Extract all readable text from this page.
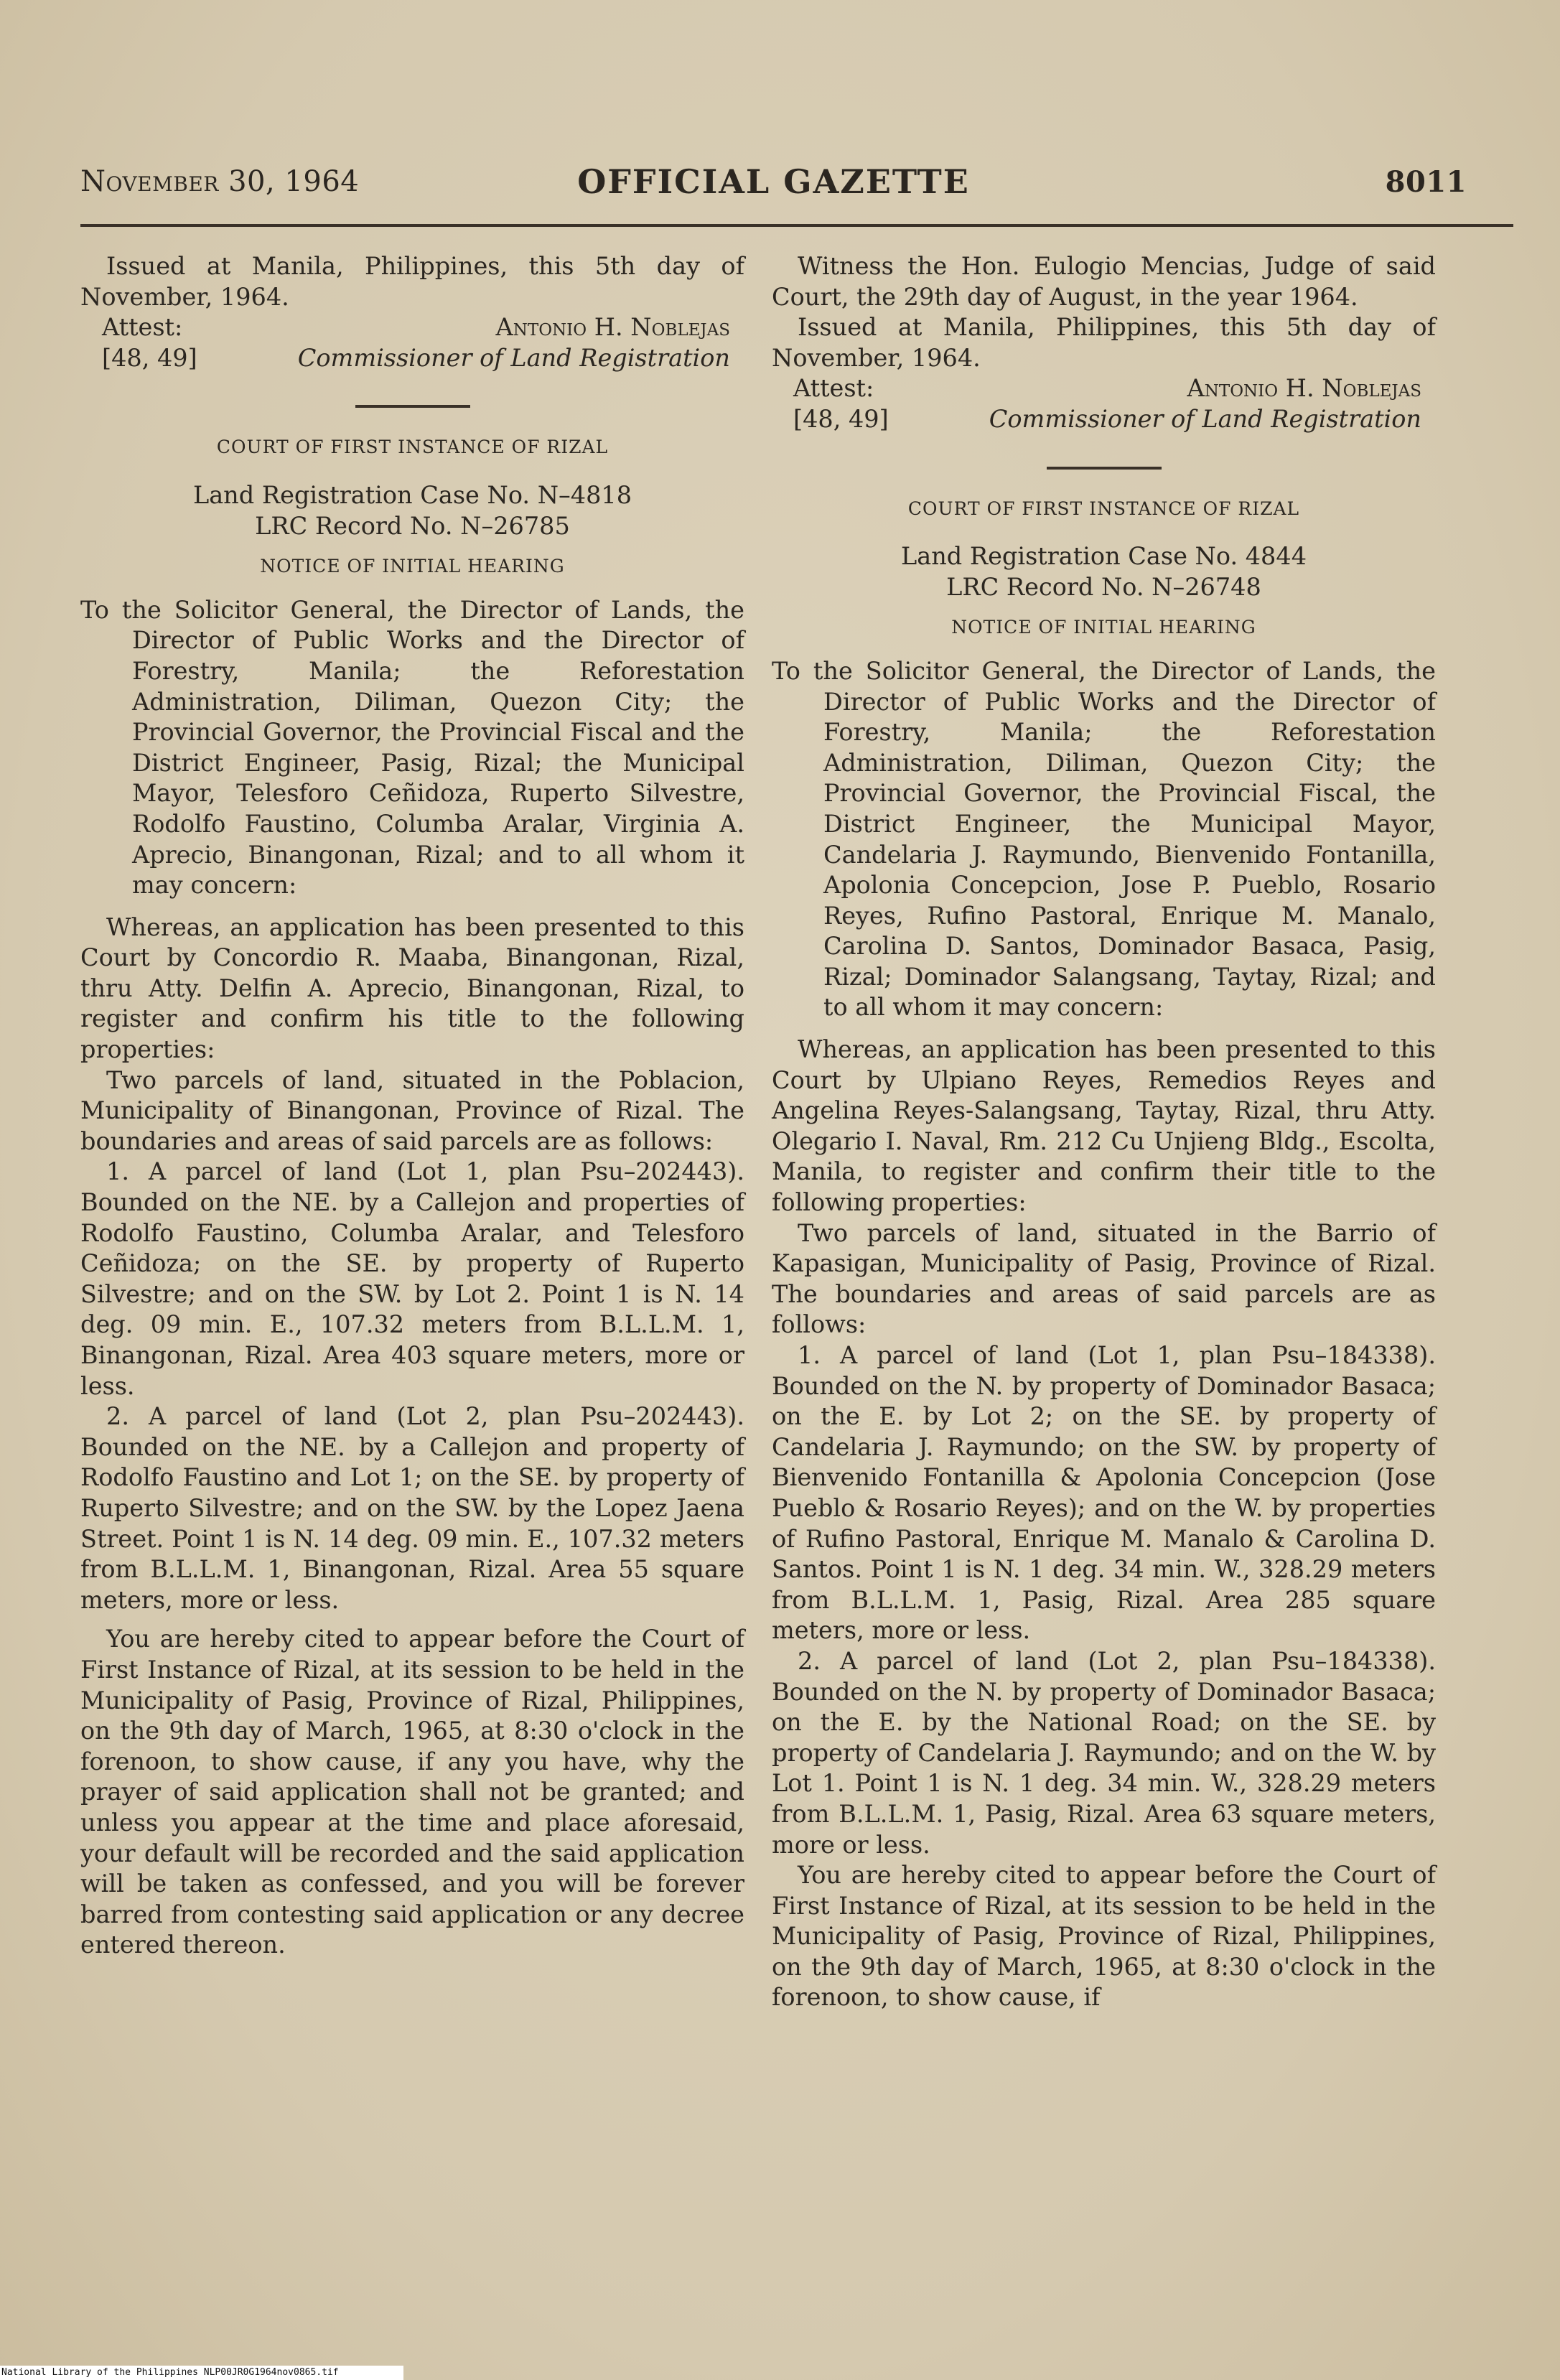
November 30, 1964	OFFICIAL GAZETTE	8011

Issued at Manila, Philippines, this 5th day of November, 1964.

Attest:	Antonio H. Noblejas
[48, 49]	Commissioner of Land Registration

COURT OF FIRST INSTANCE OF RIZAL

Land Registration Case No. N–4818

LRC Record No. N–26785

NOTICE OF INITIAL HEARING

To the Solicitor General, the Director of Lands, the Director of Public Works and the Director of Forestry, Manila; the Reforestation Administration, Diliman, Quezon City; the Provincial Governor, the Provincial Fiscal and the District Engineer, Pasig, Rizal; the Municipal Mayor, Telesforo Ceñidoza, Ruperto Silvestre, Rodolfo Faustino, Columba Aralar, Virginia A. Aprecio, Binangonan, Rizal; and to all whom it may concern:

Whereas, an application has been presented to this Court by Concordio R. Maaba, Binangonan, Rizal, thru Atty. Delfin A. Aprecio, Binangonan, Rizal, to register and confirm his title to the following properties:

Two parcels of land, situated in the Poblacion, Municipality of Binangonan, Province of Rizal. The boundaries and areas of said parcels are as follows:

1. A parcel of land (Lot 1, plan Psu–202443). Bounded on the NE. by a Callejon and properties of Rodolfo Faustino, Columba Aralar, and Telesforo Ceñidoza; on the SE. by property of Ruperto Silvestre; and on the SW. by Lot 2. Point 1 is N. 14 deg. 09 min. E., 107.32 meters from B.L.L.M. 1, Binangonan, Rizal. Area 403 square meters, more or less.

2. A parcel of land (Lot 2, plan Psu–202443). Bounded on the NE. by a Callejon and property of Rodolfo Faustino and Lot 1; on the SE. by property of Ruperto Silvestre; and on the SW. by the Lopez Jaena Street. Point 1 is N. 14 deg. 09 min. E., 107.32 meters from B.L.L.M. 1, Binangonan, Rizal. Area 55 square meters, more or less.

You are hereby cited to appear before the Court of First Instance of Rizal, at its session to be held in the Municipality of Pasig, Province of Rizal, Philippines, on the 9th day of March, 1965, at 8:30 o'clock in the forenoon, to show cause, if any you have, why the prayer of said application shall not be granted; and unless you appear at the time and place aforesaid, your default will be recorded and the said application will be taken as confessed, and you will be forever barred from contesting said application or any decree entered thereon.

Witness the Hon. Eulogio Mencias, Judge of said Court, the 29th day of August, in the year 1964.

Issued at Manila, Philippines, this 5th day of November, 1964.

Attest:	Antonio H. Noblejas
[48, 49]	Commissioner of Land Registration

COURT OF FIRST INSTANCE OF RIZAL

Land Registration Case No. 4844

LRC Record No. N–26748

NOTICE OF INITIAL HEARING

To the Solicitor General, the Director of Lands, the Director of Public Works and the Director of Forestry, Manila; the Reforestation Administration, Diliman, Quezon City; the Provincial Governor, the Provincial Fiscal, the District Engineer, the Municipal Mayor, Candelaria J. Raymundo, Bienvenido Fontanilla, Apolonia Concepcion, Jose P. Pueblo, Rosario Reyes, Rufino Pastoral, Enrique M. Manalo, Carolina D. Santos, Dominador Basaca, Pasig, Rizal; Dominador Salangsang, Taytay, Rizal; and to all whom it may concern:

Whereas, an application has been presented to this Court by Ulpiano Reyes, Remedios Reyes and Angelina Reyes-Salangsang, Taytay, Rizal, thru Atty. Olegario I. Naval, Rm. 212 Cu Unjieng Bldg., Escolta, Manila, to register and confirm their title to the following properties:

Two parcels of land, situated in the Barrio of Kapasigan, Municipality of Pasig, Province of Rizal. The boundaries and areas of said parcels are as follows:

1. A parcel of land (Lot 1, plan Psu–184338). Bounded on the N. by property of Dominador Basaca; on the E. by Lot 2; on the SE. by property of Candelaria J. Raymundo; on the SW. by property of Bienvenido Fontanilla & Apolonia Concepcion (Jose Pueblo & Rosario Reyes); and on the W. by properties of Rufino Pastoral, Enrique M. Manalo & Carolina D. Santos. Point 1 is N. 1 deg. 34 min. W., 328.29 meters from B.L.L.M. 1, Pasig, Rizal. Area 285 square meters, more or less.

2. A parcel of land (Lot 2, plan Psu–184338). Bounded on the N. by property of Dominador Basaca; on the E. by the National Road; on the SE. by property of Candelaria J. Raymundo; and on the W. by Lot 1. Point 1 is N. 1 deg. 34 min. W., 328.29 meters from B.L.L.M. 1, Pasig, Rizal. Area 63 square meters, more or less.

You are hereby cited to appear before the Court of First Instance of Rizal, at its session to be held in the Municipality of Pasig, Province of Rizal, Philippines, on the 9th day of March, 1965, at 8:30 o'clock in the forenoon, to show cause, if

National Library of the Philippines NLP00JR0G1964nov0865.tif
